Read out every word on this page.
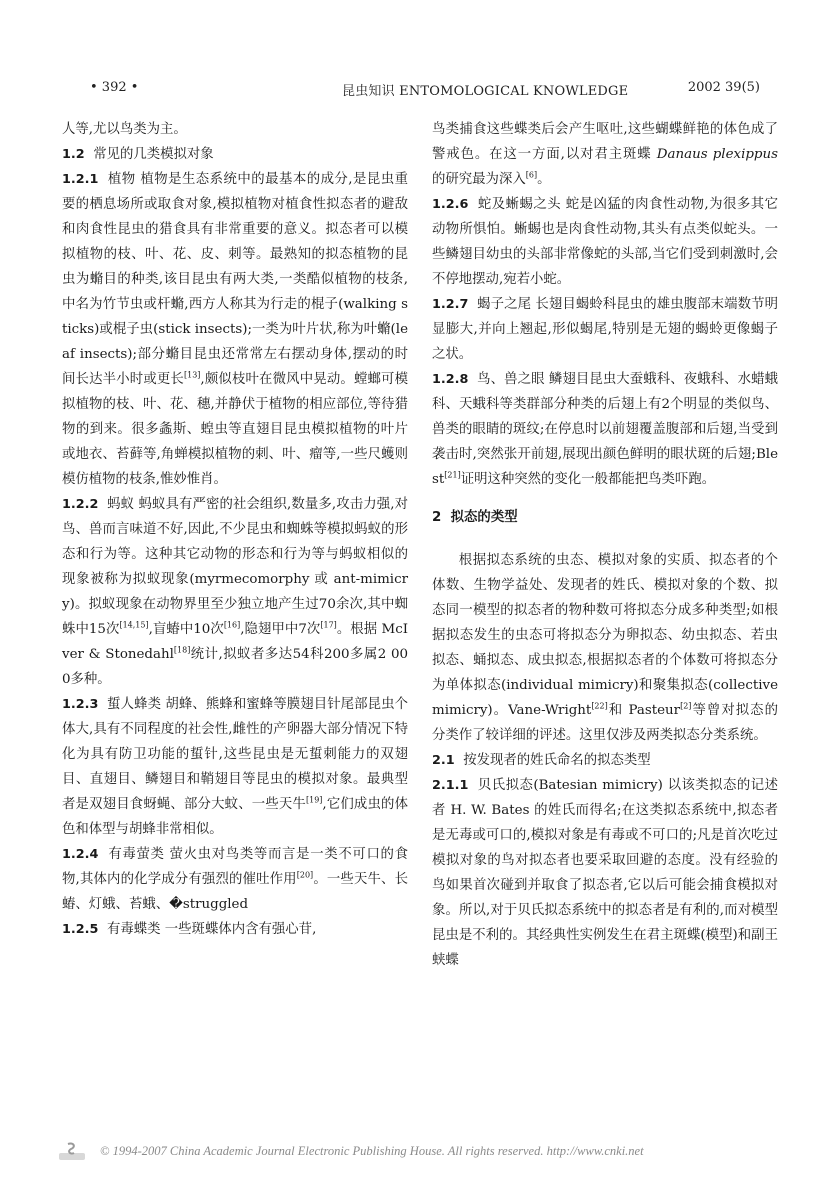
• 392 •	昆虫知识 ENTOMOLOGICAL KNOWLEDGE	2002 39(5)

人等,尤以鸟类为主。

1.2 常见的几类模拟对象

1.2.1 植物 植物是生态系统中的最基本的成分,是昆虫重要的栖息场所或取食对象,模拟植物对植食性拟态者的避敌和肉食性昆虫的猎食具有非常重要的意义。拟态者可以模拟植物的枝、叶、花、皮、刺等。最熟知的拟态植物的昆虫为䗛目的种类,该目昆虫有两大类,一类酷似植物的枝条,中名为竹节虫或杆䗛,西方人称其为行走的棍子(walking sticks)或棍子虫(stick insects);一类为叶片状,称为叶䗛(leaf insects);部分䗛目昆虫还常常左右摆动身体,摆动的时间长达半小时或更长[13],颇似枝叶在微风中晃动。螳螂可模拟植物的枝、叶、花、穗,并静伏于植物的相应部位,等待猎物的到来。很多螽斯、蝗虫等直翅目昆虫模拟植物的叶片或地衣、苔藓等,角蝉模拟植物的刺、叶、瘤等,一些尺蠖则模仿植物的枝条,惟妙惟肖。

1.2.2 蚂蚁 蚂蚁具有严密的社会组织,数量多,攻击力强,对鸟、兽而言味道不好,因此,不少昆虫和蜘蛛等模拟蚂蚁的形态和行为等。这种其它动物的形态和行为等与蚂蚁相似的现象被称为拟蚁现象(myrmecomorphy 或 ant-mimicry)。拟蚁现象在动物界里至少独立地产生过70余次,其中蜘蛛中15次[14,15],盲蝽中10次[16],隐翅甲中7次[17]。根据 McIver & Stonedahl[18]统计,拟蚁者多达54科200多属2 000多种。

1.2.3 蜇人蜂类 胡蜂、熊蜂和蜜蜂等膜翅目针尾部昆虫个体大,具有不同程度的社会性,雌性的产卵器大部分情况下特化为具有防卫功能的蜇针,这些昆虫是无蜇刺能力的双翅目、直翅目、鳞翅目和鞘翅目等昆虫的模拟对象。最典型者是双翅目食蚜蝇、部分大蚊、一些天牛[19],它们成虫的体色和体型与胡蜂非常相似。

1.2.4 有毒萤类 萤火虫对鸟类等而言是一类不可口的食物,其体内的化学成分有强烈的催吐作用[20]。一些天牛、长蝽、灯蛾、苔蛾、�struggled

1.2.5 有毒蝶类 一些斑蝶体内含有强心苷,

鸟类捕食这些蝶类后会产生呕吐,这些蝴蝶鲜艳的体色成了警戒色。在这一方面,以对君主斑蝶 Danaus plexippus 的研究最为深入[6]。

1.2.6 蛇及蜥蜴之头 蛇是凶猛的肉食性动物,为很多其它动物所惧怕。蜥蜴也是肉食性动物,其头有点类似蛇头。一些鳞翅目幼虫的头部非常像蛇的头部,当它们受到刺激时,会不停地摆动,宛若小蛇。

1.2.7 蝎子之尾 长翅目蝎蛉科昆虫的雄虫腹部末端数节明显膨大,并向上翘起,形似蝎尾,特别是无翅的蝎蛉更像蝎子之状。

1.2.8 鸟、兽之眼 鳞翅目昆虫大蚕蛾科、夜蛾科、水蜡蛾科、天蛾科等类群部分种类的后翅上有2个明显的类似鸟、兽类的眼睛的斑纹;在停息时以前翅覆盖腹部和后翅,当受到袭击时,突然张开前翅,展现出颜色鲜明的眼状斑的后翅;Blest[21]证明这种突然的变化一般都能把鸟类吓跑。

2 拟态的类型

根据拟态系统的虫态、模拟对象的实质、拟态者的个体数、生物学益处、发现者的姓氏、模拟对象的个数、拟态同一模型的拟态者的物种数可将拟态分成多种类型;如根据拟态发生的虫态可将拟态分为卵拟态、幼虫拟态、若虫拟态、蛹拟态、成虫拟态,根据拟态者的个体数可将拟态分为单体拟态(individual mimicry)和聚集拟态(collective mimicry)。Vane-Wright[22]和 Pasteur[2]等曾对拟态的分类作了较详细的评述。这里仅涉及两类拟态分类系统。

2.1 按发现者的姓氏命名的拟态类型

2.1.1 贝氏拟态(Batesian mimicry) 以该类拟态的记述者 H. W. Bates 的姓氏而得名;在这类拟态系统中,拟态者是无毒或可口的,模拟对象是有毒或不可口的;凡是首次吃过模拟对象的鸟对拟态者也要采取回避的态度。没有经验的鸟如果首次碰到并取食了拟态者,它以后可能会捕食模拟对象。所以,对于贝氏拟态系统中的拟态者是有利的,而对模型昆虫是不利的。其经典性实例发生在君主斑蝶(模型)和副王蛱蝶

© 1994-2007 China Academic Journal Electronic Publishing House. All rights reserved. http://www.cnki.net
